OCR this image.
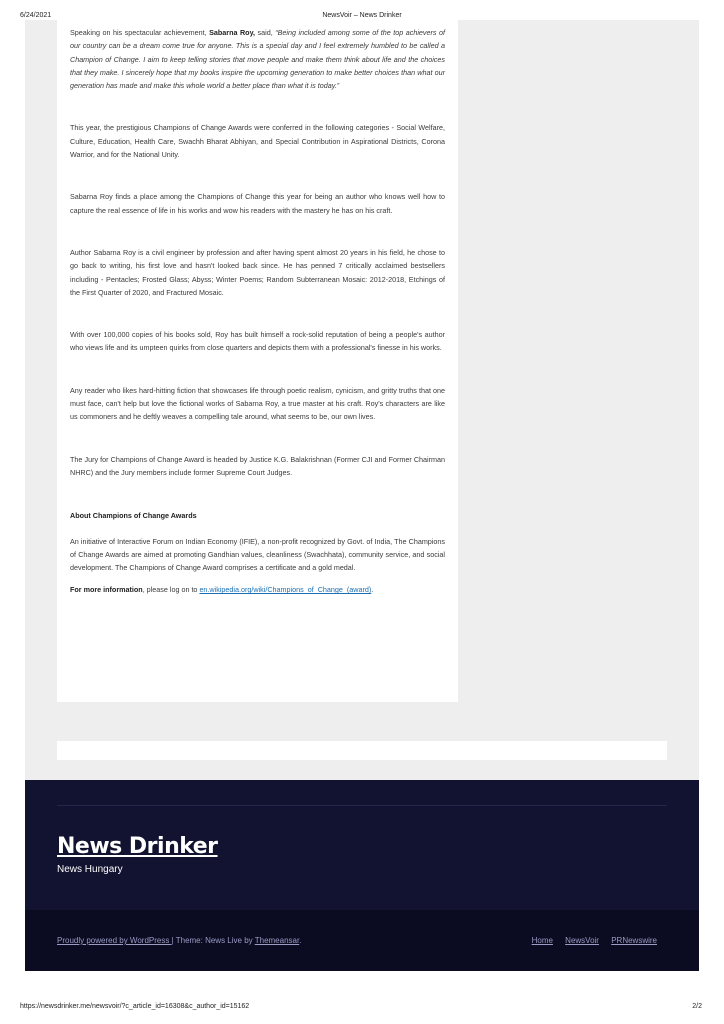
6/24/2021	NewsVoir – News Drinker

Speaking on his spectacular achievement, Sabarna Roy, said, “Being included among some of the top achievers of our country can be a dream come true for anyone. This is a special day and I feel extremely humbled to be called a Champion of Change. I aim to keep telling stories that move people and make them think about life and the choices that they make. I sincerely hope that my books inspire the upcoming generation to make better choices than what our generation has made and make this whole world a better place than what it is today.”

This year, the prestigious Champions of Change Awards were conferred in the following categories - Social Welfare, Culture, Education, Health Care, Swachh Bharat Abhiyan, and Special Contribution in Aspirational Districts, Corona Warrior, and for the National Unity.

Sabarna Roy finds a place among the Champions of Change this year for being an author who knows well how to capture the real essence of life in his works and wow his readers with the mastery he has on his craft.

Author Sabarna Roy is a civil engineer by profession and after having spent almost 20 years in his field, he chose to go back to writing, his first love and hasn't looked back since. He has penned 7 critically acclaimed bestsellers including - Pentacles; Frosted Glass; Abyss; Winter Poems; Random Subterranean Mosaic: 2012-2018, Etchings of the First Quarter of 2020, and Fractured Mosaic.

With over 100,000 copies of his books sold, Roy has built himself a rock-solid reputation of being a people's author who views life and its umpteen quirks from close quarters and depicts them with a professional's finesse in his works.

Any reader who likes hard-hitting fiction that showcases life through poetic realism, cynicism, and gritty truths that one must face, can't help but love the fictional works of Sabarna Roy, a true master at his craft. Roy's characters are like us commoners and he deftly weaves a compelling tale around, what seems to be, our own lives.

The Jury for Champions of Change Award is headed by Justice K.G. Balakrishnan (Former CJI and Former Chairman NHRC) and the Jury members include former Supreme Court Judges.

About Champions of Change Awards

An initiative of Interactive Forum on Indian Economy (IFIE), a non-profit recognized by Govt. of India, The Champions of Change Awards are aimed at promoting Gandhian values, cleanliness (Swachhata), community service, and social development. The Champions of Change Award comprises a certificate and a gold medal.

For more information, please log on to en.wikipedia.org/wiki/Champions_of_Change_(award).

News Drinker
News Hungary
Proudly powered by WordPress | Theme: News Live by Themeansar.	Home NewsVoir PRNewswire
https://newsdrinker.me/newsvoir/?c_article_id=16308&c_author_id=15162	2/2
